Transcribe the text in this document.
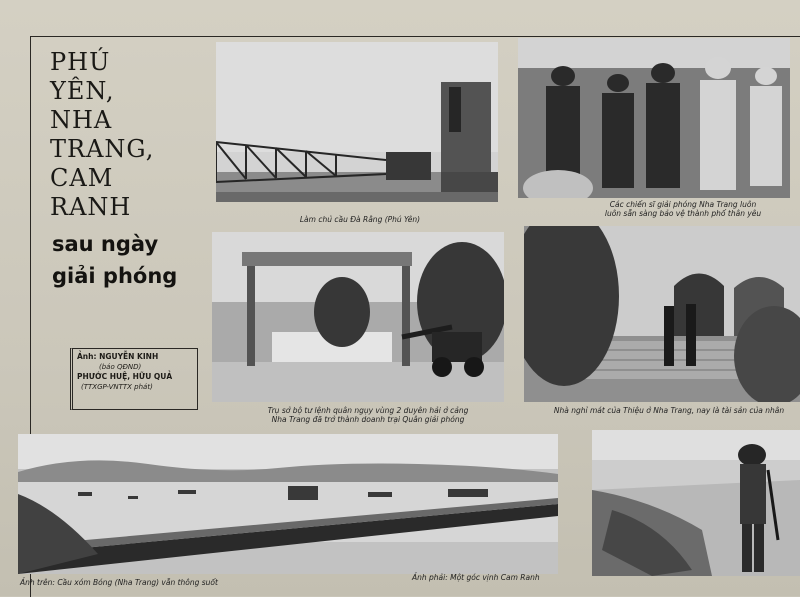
PHÚ
YÊN,
NHA
TRANG,
CAM
RANH
sau ngày
giải phóng
Ảnh: NGUYỄN KINH
(báo QĐND)
PHƯỚC HUỆ, HỮU QUẢ
(TTXGP-VNTTX phát)
Làm chủ cầu Đà Rằng (Phú Yên)
Các chiến sĩ giải phóng Nha Trang luôn
luôn sẵn sàng bảo vệ thành phố thân yêu
Trụ sở bộ tư lệnh quân ngụy vùng 2 duyên hải ở cảng
Nha Trang đã trở thành doanh trại Quân giải phóng
Nhà nghỉ mát của Thiệu ở Nha Trang, nay là tài sản của nhân
Ảnh trên: Cầu xóm Bóng (Nha Trang) vẫn thông suốt
Ảnh phải: Một góc vịnh Cam Ranh
